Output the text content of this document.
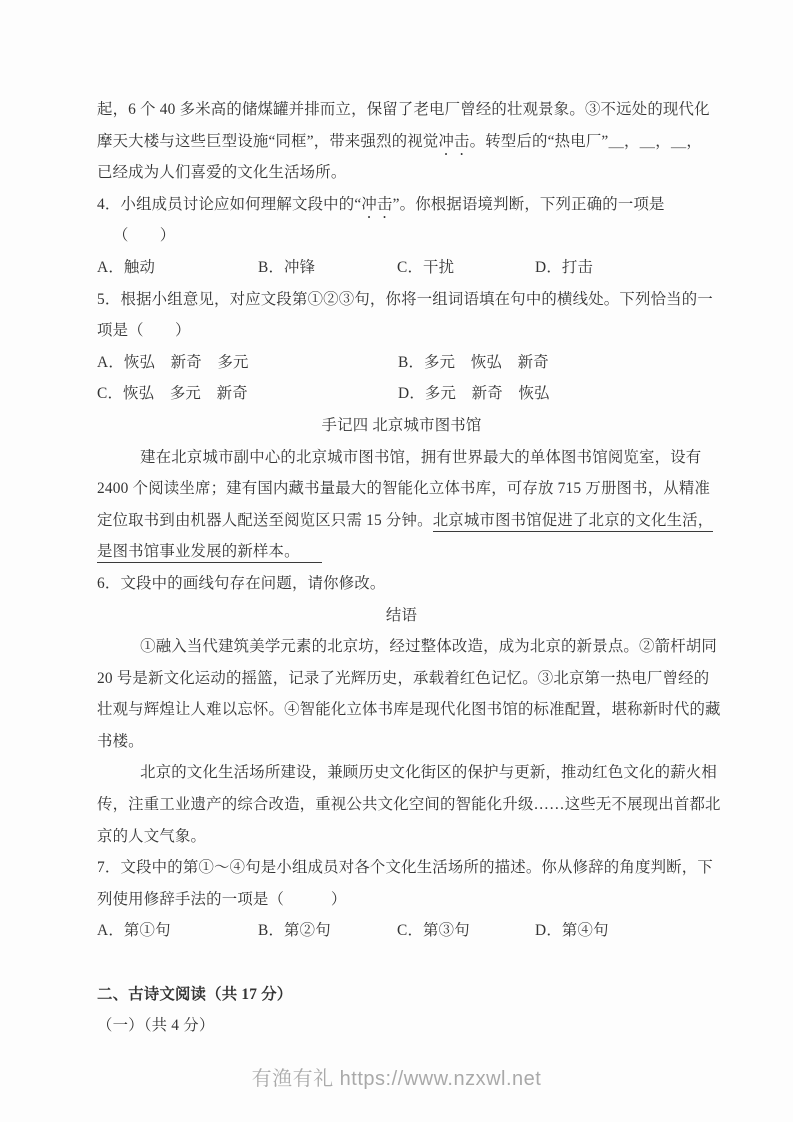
起，6 个 40 多米高的储煤罐并排而立，保留了老电厂曾经的壮观景象。③不远处的现代化
摩天大楼与这些巨型设施“同框”，带来强烈的视觉冲击。转型后的“热电厂”＿，＿，＿，
已经成为人们喜爱的文化生活场所。
4．小组成员讨论应如何理解文段中的“冲击”。你根据语境判断，下列正确的一项是
（　　）
A．触动	B．冲锋	C．干扰	D．打击
5．根据小组意见，对应文段第①②③句，你将一组词语填在句中的横线处。下列恰当的一
项是（　　）
A．恢弘　新奇　多元	B．多元　恢弘　新奇
C．恢弘　多元　新奇	D．多元　新奇　恢弘
手记四 北京城市图书馆
建在北京城市副中心的北京城市图书馆，拥有世界最大的单体图书馆阅览室，设有
2400 个阅读坐席；建有国内藏书量最大的智能化立体书库，可存放 715 万册图书，从精准
定位取书到由机器人配送至阅览区只需 15 分钟。北京城市图书馆促进了北京的文化生活，
是图书馆事业发展的新样本。
6．文段中的画线句存在问题，请你修改。
结语
①融入当代建筑美学元素的北京坊，经过整体改造，成为北京的新景点。②箭杆胡同
20 号是新文化运动的摇篮，记录了光辉历史，承载着红色记忆。③北京第一热电厂曾经的
壮观与辉煌让人难以忘怀。④智能化立体书库是现代化图书馆的标准配置，堪称新时代的藏
书楼。
北京的文化生活场所建设，兼顾历史文化街区的保护与更新，推动红色文化的薪火相
传，注重工业遗产的综合改造，重视公共文化空间的智能化升级……这些无不展现出首都北
京的人文气象。
7．文段中的第①～④句是小组成员对各个文化生活场所的描述。你从修辞的角度判断，下
列使用修辞手法的一项是（　　　）
A．第①句	B．第②句	C．第③句	D．第④句
二、古诗文阅读（共 17 分）
（一）（共 4 分）
有渔有礼 https://www.nzxwl.net
